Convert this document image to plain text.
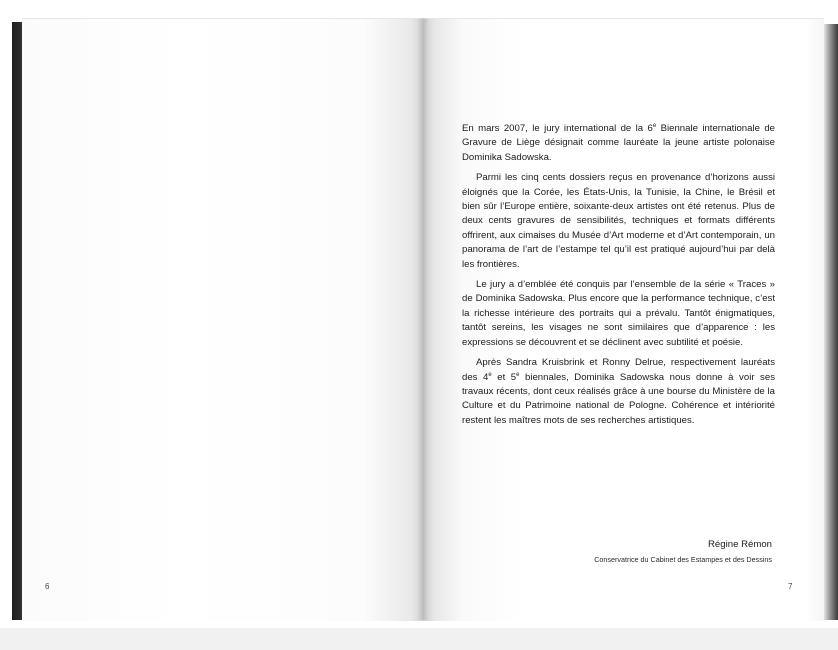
6

En mars 2007, le jury international de la 6e Biennale internationale de Gravure de Liège désignait comme lauréate la jeune artiste polonaise Dominika Sadowska.

Parmi les cinq cents dossiers reçus en provenance d’horizons aussi éloignés que la Corée, les États-Unis, la Tunisie, la Chine, le Brésil et bien sûr l’Europe entière, soixante-deux artistes ont été retenus. Plus de deux cents gravures de sensibilités, techniques et formats différents offrirent, aux cimaises du Musée d’Art moderne et d’Art contemporain, un panorama de l’art de l’estampe tel qu’il est pratiqué aujourd’hui par delà les frontières.

Le jury a d’emblée été conquis par l’ensemble de la série « Traces » de Dominika Sadowska. Plus encore que la performance technique, c’est la richesse intérieure des portraits qui a prévalu. Tantôt énigmatiques, tantôt sereins, les visages ne sont similaires que d’apparence : les expressions se découvrent et se déclinent avec subtilité et poésie.

Après Sandra Kruisbrink et Ronny Delrue, respectivement lauréats des 4e et 5e biennales, Dominika Sadowska nous donne à voir ses travaux récents, dont ceux réalisés grâce à une bourse du Ministère de la Culture et du Patrimoine national de Pologne. Cohérence et intériorité restent les maîtres mots de ses recherches artistiques.

Régine Rémon
Conservatrice du Cabinet des Estampes et des Dessins
7
